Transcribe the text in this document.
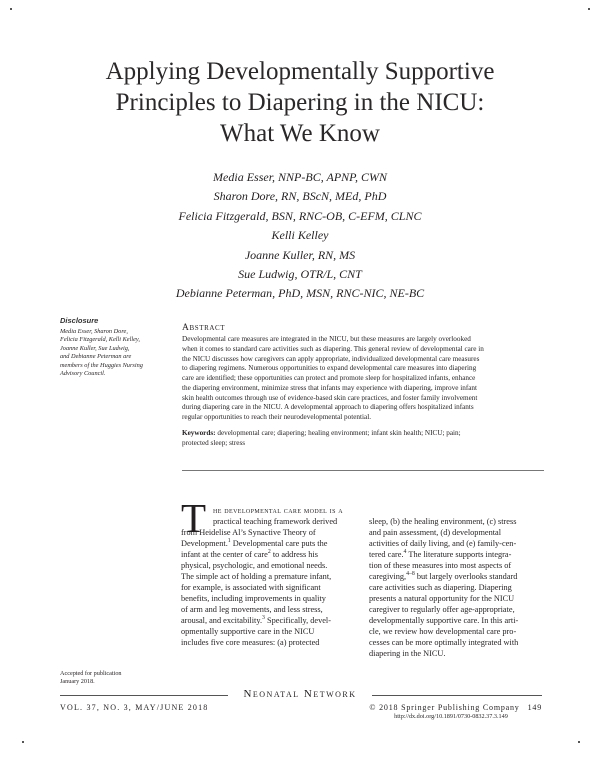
Applying Developmentally Supportive
Principles to Diapering in the NICU:
What We Know
Media Esser, NNP-BC, APNP, CWN
Sharon Dore, RN, BScN, MEd, PhD
Felicia Fitzgerald, BSN, RNC-OB, C-EFM, CLNC
Kelli Kelley
Joanne Kuller, RN, MS
Sue Ludwig, OTR/L, CNT
Debianne Peterman, PhD, MSN, RNC-NIC, NE-BC
Disclosure
Media Esser, Sharon Dore,
Felicia Fitzgerald, Kelli Kelley,
Joanne Kuller, Sue Ludwig,
and Debianne Peterman are
members of the Huggies Nursing
Advisory Council.
Abstract
Developmental care measures are integrated in the NICU, but these measures are largely overlooked
when it comes to standard care activities such as diapering. This general review of developmental care in
the NICU discusses how caregivers can apply appropriate, individualized developmental care measures
to diapering regimens. Numerous opportunities to expand developmental care measures into diapering
care are identified; these opportunities can protect and promote sleep for hospitalized infants, enhance
the diapering environment, minimize stress that infants may experience with diapering, improve infant
skin health outcomes through use of evidence-based skin care practices, and foster family involvement
during diapering care in the NICU. A developmental approach to diapering offers hospitalized infants
regular opportunities to reach their neurodevelopmental potential.
Keywords: developmental care; diapering; healing environment; infant skin health; NICU; pain;
protected sleep; stress
T he developmental care model is a
practical teaching framework derived
from Heidelise Al’s Synactive Theory of
Development.$^1$ Developmental care puts the
infant at the center of care$^2$ to address his
physical, psychologic, and emotional needs.
The simple act of holding a premature infant,
for example, is associated with significant
benefits, including improvements in quality
of arm and leg movements, and less stress,
arousal, and excitability.$^3$ Specifically, devel-
opmentally supportive care in the NICU
includes five core measures: (a) protected
sleep, (b) the healing environment, (c) stress
and pain assessment, (d) developmental
activities of daily living, and (e) family-cen-
tered care.$^4$ The literature supports integra-
tion of these measures into most aspects of
caregiving,$^{4-8}$ but largely overlooks standard
care activities such as diapering. Diapering
presents a natural opportunity for the NICU
caregiver to regularly offer age-appropriate,
developmentally supportive care. In this arti-
cle, we review how developmental care pro-
cesses can be more optimally integrated with
diapering in the NICU.
Accepted for publication
January 2018.
Neonatal Network
VOL. 37, NO. 3, MAY/JUNE 2018	© 2018 Springer Publishing Company 149
http://dx.doi.org/10.1891/0730-0832.37.3.149
